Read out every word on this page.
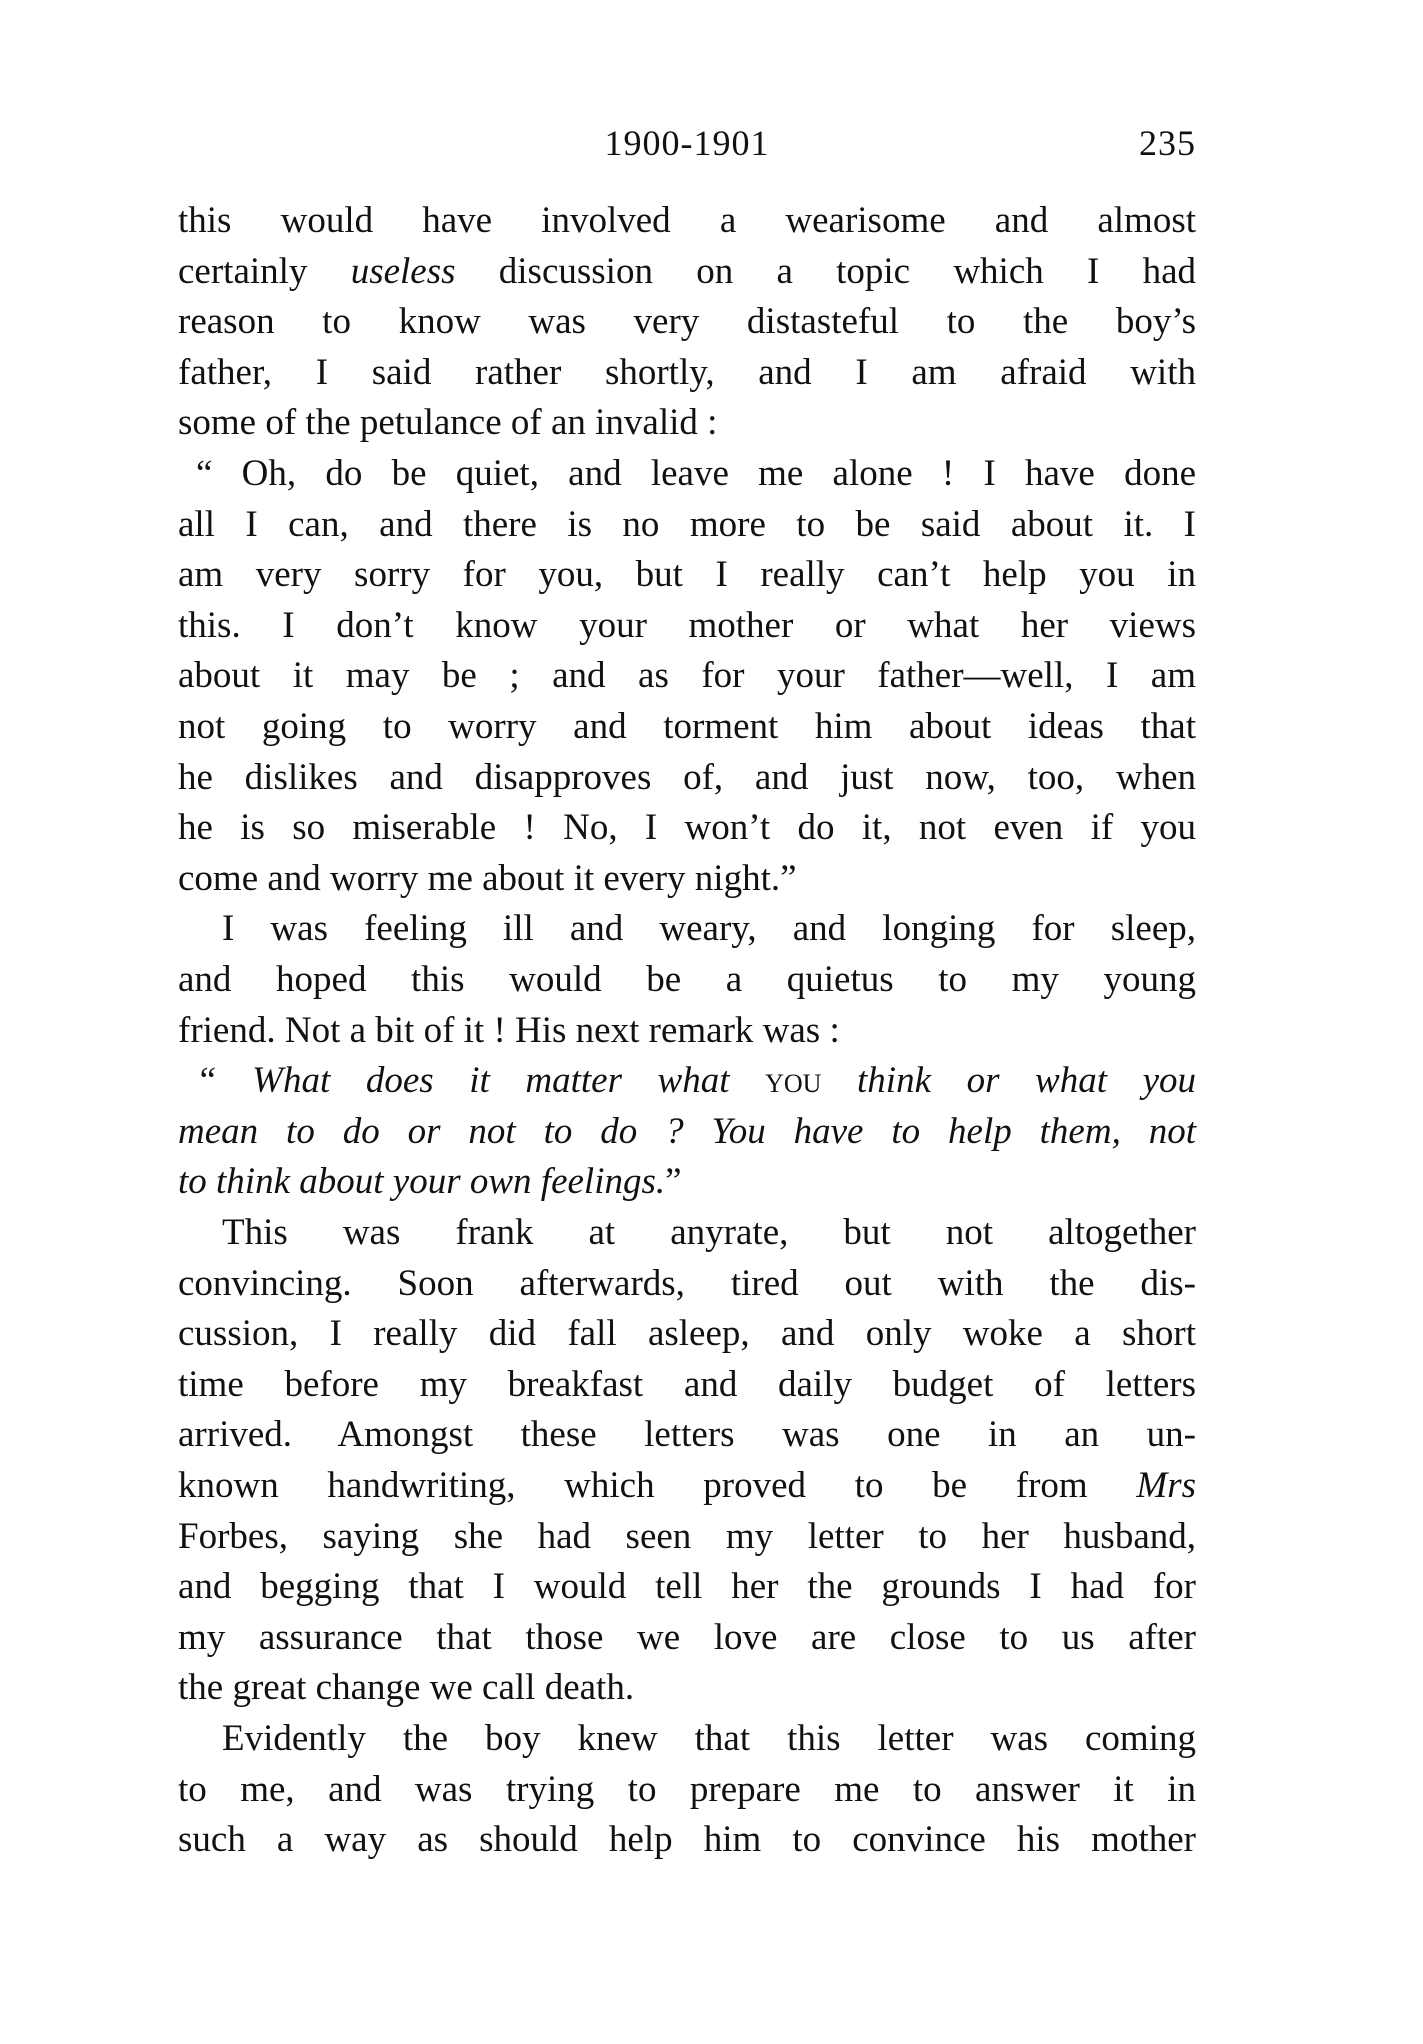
1900-1901	235
this would have involved a wearisome and almost
certainly useless discussion on a topic which I had
reason to know was very distasteful to the boy’s
father, I said rather shortly, and I am afraid with
some of the petulance of an invalid :
“ Oh, do be quiet, and leave me alone ! I have done
all I can, and there is no more to be said about it. I
am very sorry for you, but I really can’t help you in
this. I don’t know your mother or what her views
about it may be ; and as for your father—well, I am
not going to worry and torment him about ideas that
he dislikes and disapproves of, and just now, too, when
he is so miserable ! No, I won’t do it, not even if you
come and worry me about it every night.”
I was feeling ill and weary, and longing for sleep,
and hoped this would be a quietus to my young
friend. Not a bit of it ! His next remark was :
“ What does it matter what you think or what you
mean to do or not to do ? You have to help them, not
to think about your own feelings.”
This was frank at anyrate, but not altogether
convincing. Soon afterwards, tired out with the dis-
cussion, I really did fall asleep, and only woke a short
time before my breakfast and daily budget of letters
arrived. Amongst these letters was one in an un-
known handwriting, which proved to be from Mrs
Forbes, saying she had seen my letter to her husband,
and begging that I would tell her the grounds I had for
my assurance that those we love are close to us after
the great change we call death.
Evidently the boy knew that this letter was coming
to me, and was trying to prepare me to answer it in
such a way as should help him to convince his mother
